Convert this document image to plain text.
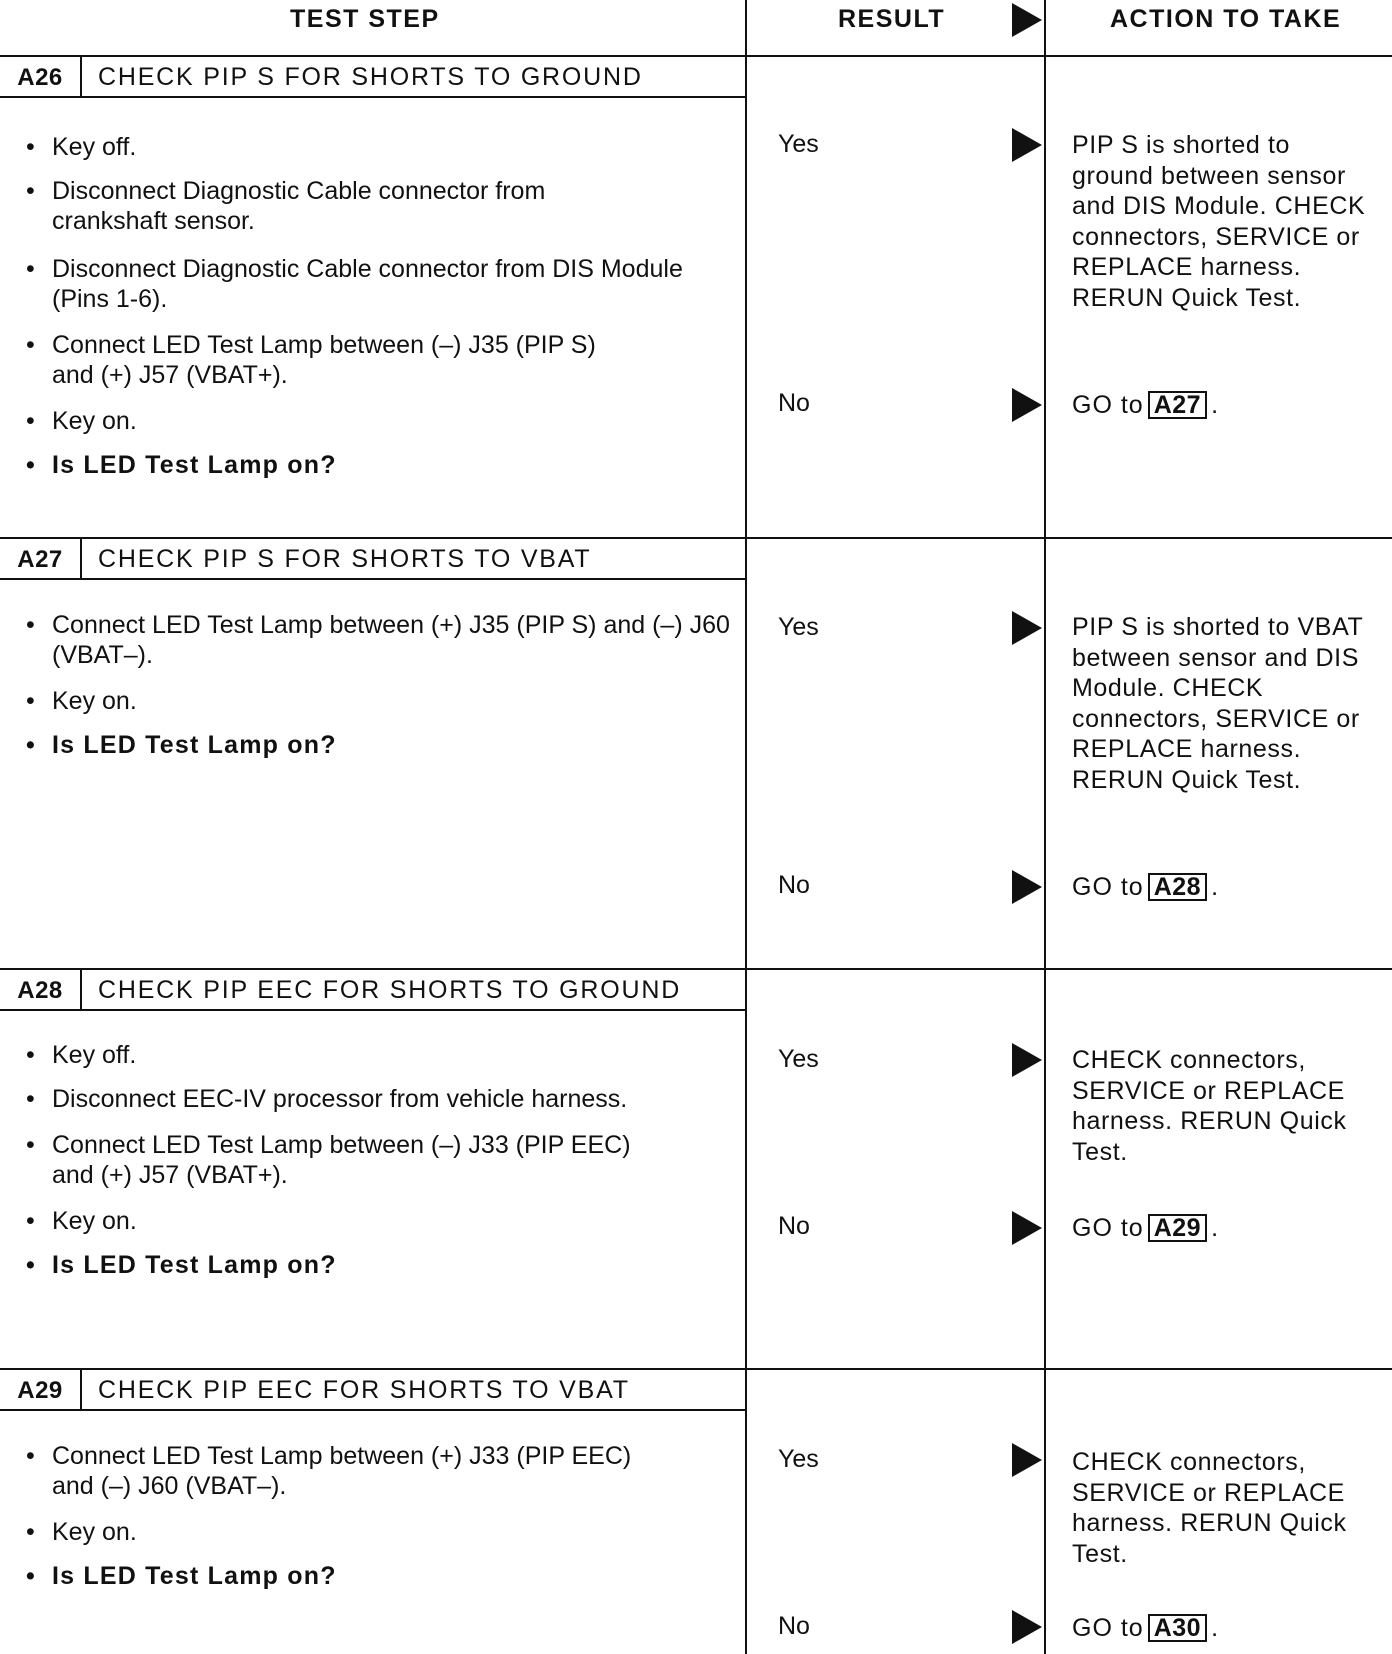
TEST STEP	RESULT	ACTION TO TAKE
A26	CHECK PIP S FOR SHORTS TO GROUND
• Key off.
• Disconnect Diagnostic Cable connector from crankshaft sensor.
• Disconnect Diagnostic Cable connector from DIS Module (Pins 1-6).
• Connect LED Test Lamp between (–) J35 (PIP S) and (+) J57 (VBAT+).
• Key on.
• Is LED Test Lamp on?
Yes	PIP S is shorted to ground between sensor and DIS Module. CHECK connectors, SERVICE or REPLACE harness. RERUN Quick Test.
No	GO to A27 .
A27	CHECK PIP S FOR SHORTS TO VBAT
• Connect LED Test Lamp between (+) J35 (PIP S) and (–) J60 (VBAT–).
• Key on.
• Is LED Test Lamp on?
Yes	PIP S is shorted to VBAT between sensor and DIS Module. CHECK connectors, SERVICE or REPLACE harness. RERUN Quick Test.
No	GO to A28 .
A28	CHECK PIP EEC FOR SHORTS TO GROUND
• Key off.
• Disconnect EEC-IV processor from vehicle harness.
• Connect LED Test Lamp between (–) J33 (PIP EEC) and (+) J57 (VBAT+).
• Key on.
• Is LED Test Lamp on?
Yes	CHECK connectors, SERVICE or REPLACE harness. RERUN Quick Test.
No	GO to A29 .
A29	CHECK PIP EEC FOR SHORTS TO VBAT
• Connect LED Test Lamp between (+) J33 (PIP EEC) and (–) J60 (VBAT–).
• Key on.
• Is LED Test Lamp on?
Yes	CHECK connectors, SERVICE or REPLACE harness. RERUN Quick Test.
No	GO to A30 .
